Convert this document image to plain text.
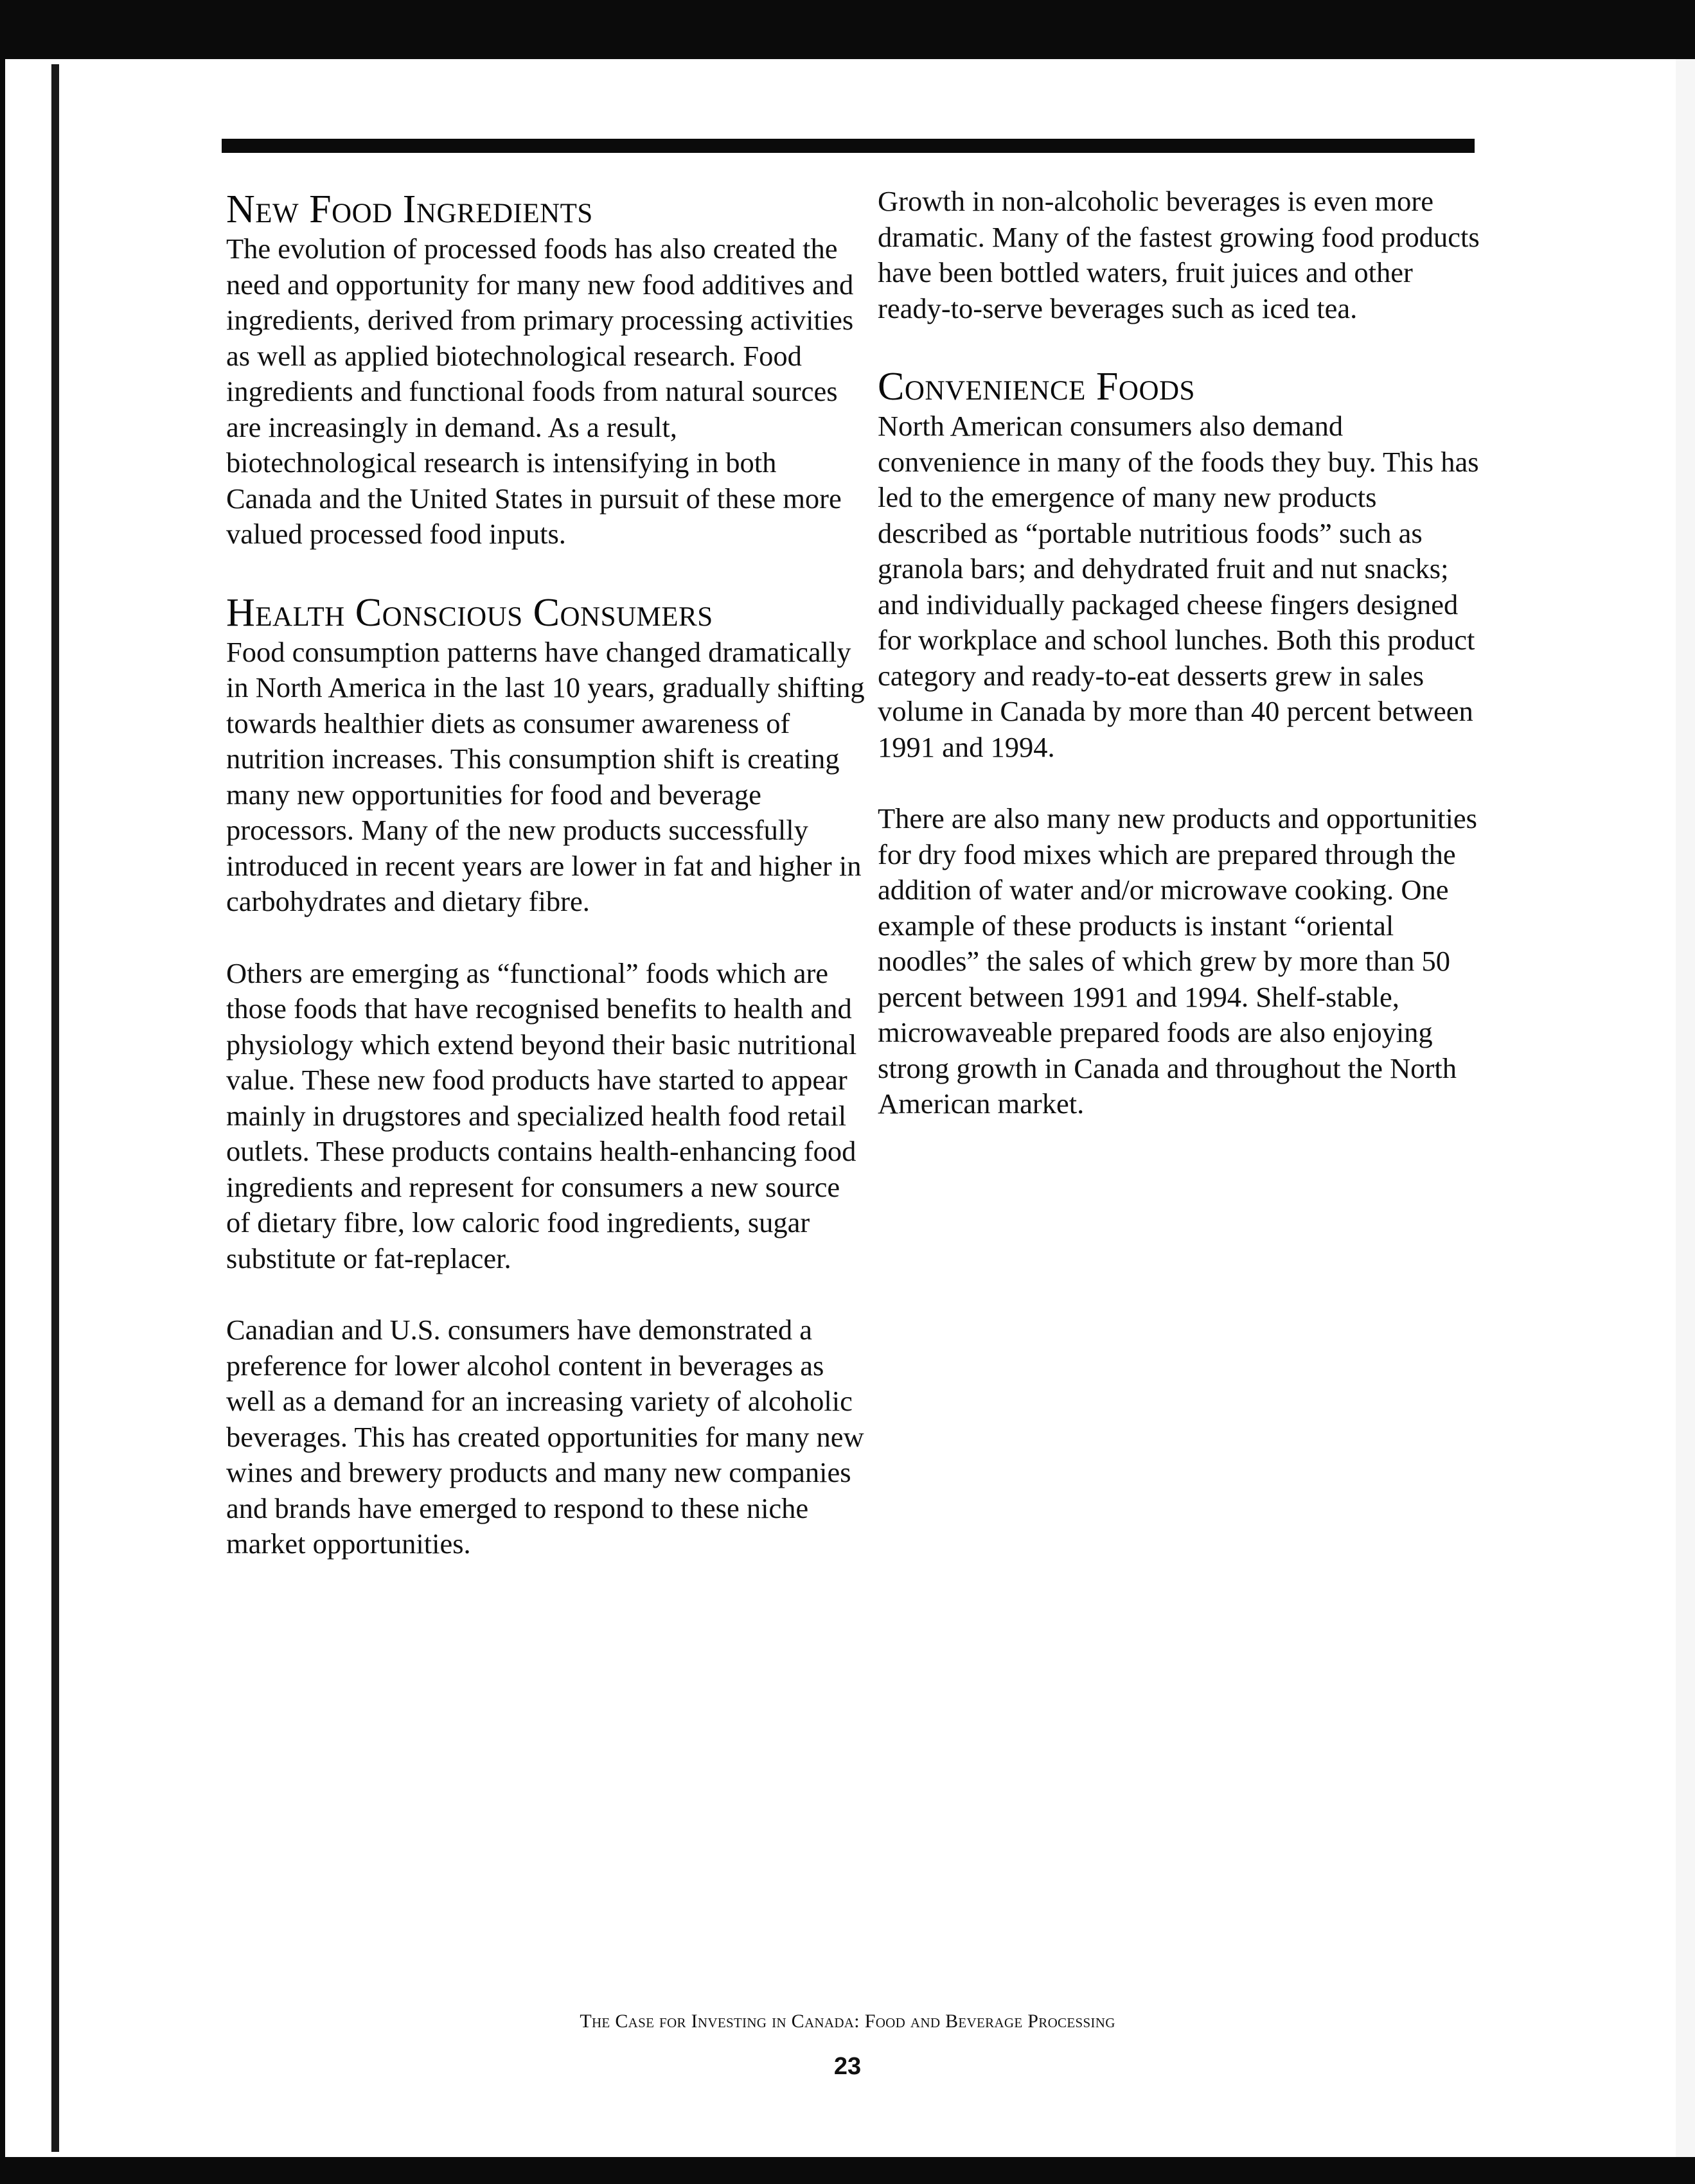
New Food Ingredients

The evolution of processed foods has also created the need and opportunity for many new food additives and ingredients, derived from primary processing activities as well as applied biotechnological research. Food ingredients and functional foods from natural sources are increasingly in demand. As a result, biotechnological research is intensifying in both Canada and the United States in pursuit of these more valued processed food inputs.

Health Conscious Consumers

Food consumption patterns have changed dramatically in North America in the last 10 years, gradually shifting towards healthier diets as consumer awareness of nutrition increases. This consumption shift is creating many new opportunities for food and beverage processors. Many of the new products successfully introduced in recent years are lower in fat and higher in carbohydrates and dietary fibre.

Others are emerging as “functional” foods which are those foods that have recognised benefits to health and physiology which extend beyond their basic nutritional value. These new food products have started to appear mainly in drugstores and specialized health food retail outlets. These products contains health-enhancing food ingredients and represent for consumers a new source of dietary fibre, low caloric food ingredients, sugar substitute or fat-replacer.

Canadian and U.S. consumers have demonstrated a preference for lower alcohol content in beverages as well as a demand for an increasing variety of alcoholic beverages. This has created opportunities for many new wines and brewery products and many new companies and brands have emerged to respond to these niche market opportunities.

Growth in non-alcoholic beverages is even more dramatic. Many of the fastest growing food products have been bottled waters, fruit juices and other ready-to-serve beverages such as iced tea.

Convenience Foods

North American consumers also demand convenience in many of the foods they buy. This has led to the emergence of many new products described as “portable nutritious foods” such as granola bars; and dehydrated fruit and nut snacks; and individually packaged cheese fingers designed for workplace and school lunches. Both this product category and ready-to-eat desserts grew in sales volume in Canada by more than 40 percent between 1991 and 1994.

There are also many new products and opportunities for dry food mixes which are prepared through the addition of water and/or microwave cooking. One example of these products is instant “oriental noodles” the sales of which grew by more than 50 percent between 1991 and 1994. Shelf-stable, microwaveable prepared foods are also enjoying strong growth in Canada and throughout the North American market.

The Case for Investing in Canada: Food and Beverage Processing
23
